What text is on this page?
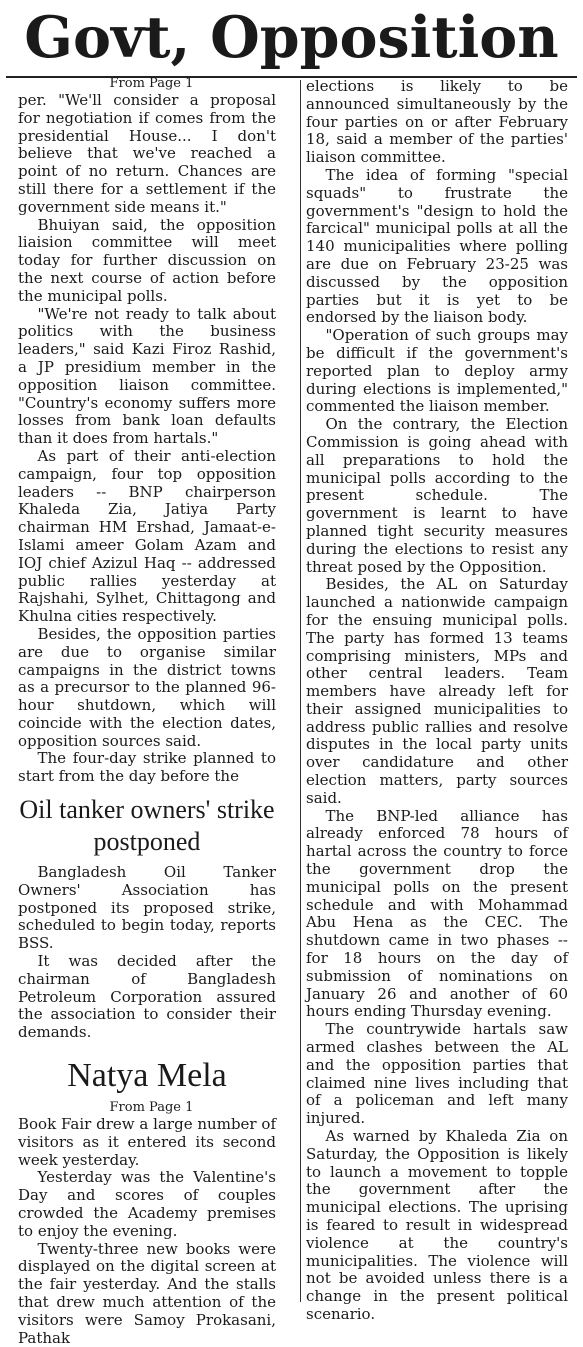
Govt, Opposition

From Page 1

per. "We'll consider a proposal for negotiation if comes from the presidential House... I don't believe that we've reached a point of no return. Chances are still there for a settlement if the government side means it."

Bhuiyan said, the opposition liaision committee will meet today for further discussion on the next course of action before the municipal polls.

"We're not ready to talk about politics with the business leaders," said Kazi Firoz Rashid, a JP presidium member in the opposition liaison committee. "Country's economy suffers more losses from bank loan defaults than it does from hartals."

As part of their anti-election campaign, four top opposition leaders -- BNP chairperson Khaleda Zia, Jatiya Party chairman HM Ershad, Jamaat-e-Islami ameer Golam Azam and IOJ chief Azizul Haq -- addressed public rallies yesterday at Rajshahi, Sylhet, Chittagong and Khulna cities respectively.

Besides, the opposition parties are due to organise similar campaigns in the district towns as a precursor to the planned 96-hour shutdown, which will coincide with the election dates, opposition sources said.

The four-day strike planned to start from the day before the

Oil tanker owners' strike postponed

Bangladesh Oil Tanker Owners' Association has postponed its proposed strike, scheduled to begin today, reports BSS.

It was decided after the chairman of Bangladesh Petroleum Corporation assured the association to consider their demands.

Natya Mela

From Page 1

Book Fair drew a large number of visitors as it entered its second week yesterday.

Yesterday was the Valentine's Day and scores of couples crowded the Academy premises to enjoy the evening.

Twenty-three new books were displayed on the digital screen at the fair yesterday. And the stalls that drew much attention of the visitors were Samoy Prokasani, Pathak

elections is likely to be announced simultaneously by the four parties on or after February 18, said a member of the parties' liaison committee.

The idea of forming "special squads" to frustrate the government's "design to hold the farcical" municipal polls at all the 140 municipalities where polling are due on February 23-25 was discussed by the opposition parties but it is yet to be endorsed by the liaison body.

"Operation of such groups may be difficult if the government's reported plan to deploy army during elections is implemented," commented the liaison member.

On the contrary, the Election Commission is going ahead with all preparations to hold the municipal polls according to the present schedule. The government is learnt to have planned tight security measures during the elections to resist any threat posed by the Opposition.

Besides, the AL on Saturday launched a nationwide campaign for the ensuing municipal polls. The party has formed 13 teams comprising ministers, MPs and other central leaders. Team members have already left for their assigned municipalities to address public rallies and resolve disputes in the local party units over candidature and other election matters, party sources said.

The BNP-led alliance has already enforced 78 hours of hartal across the country to force the government drop the municipal polls on the present schedule and with Mohammad Abu Hena as the CEC. The shutdown came in two phases -- for 18 hours on the day of submission of nominations on January 26 and another of 60 hours ending Thursday evening.

The countrywide hartals saw armed clashes between the AL and the opposition parties that claimed nine lives including that of a policeman and left many injured.

As warned by Khaleda Zia on Saturday, the Opposition is likely to launch a movement to topple the government after the municipal elections. The uprising is feared to result in widespread violence at the country's municipalities. The violence will not be avoided unless there is a change in the present political scenario.
